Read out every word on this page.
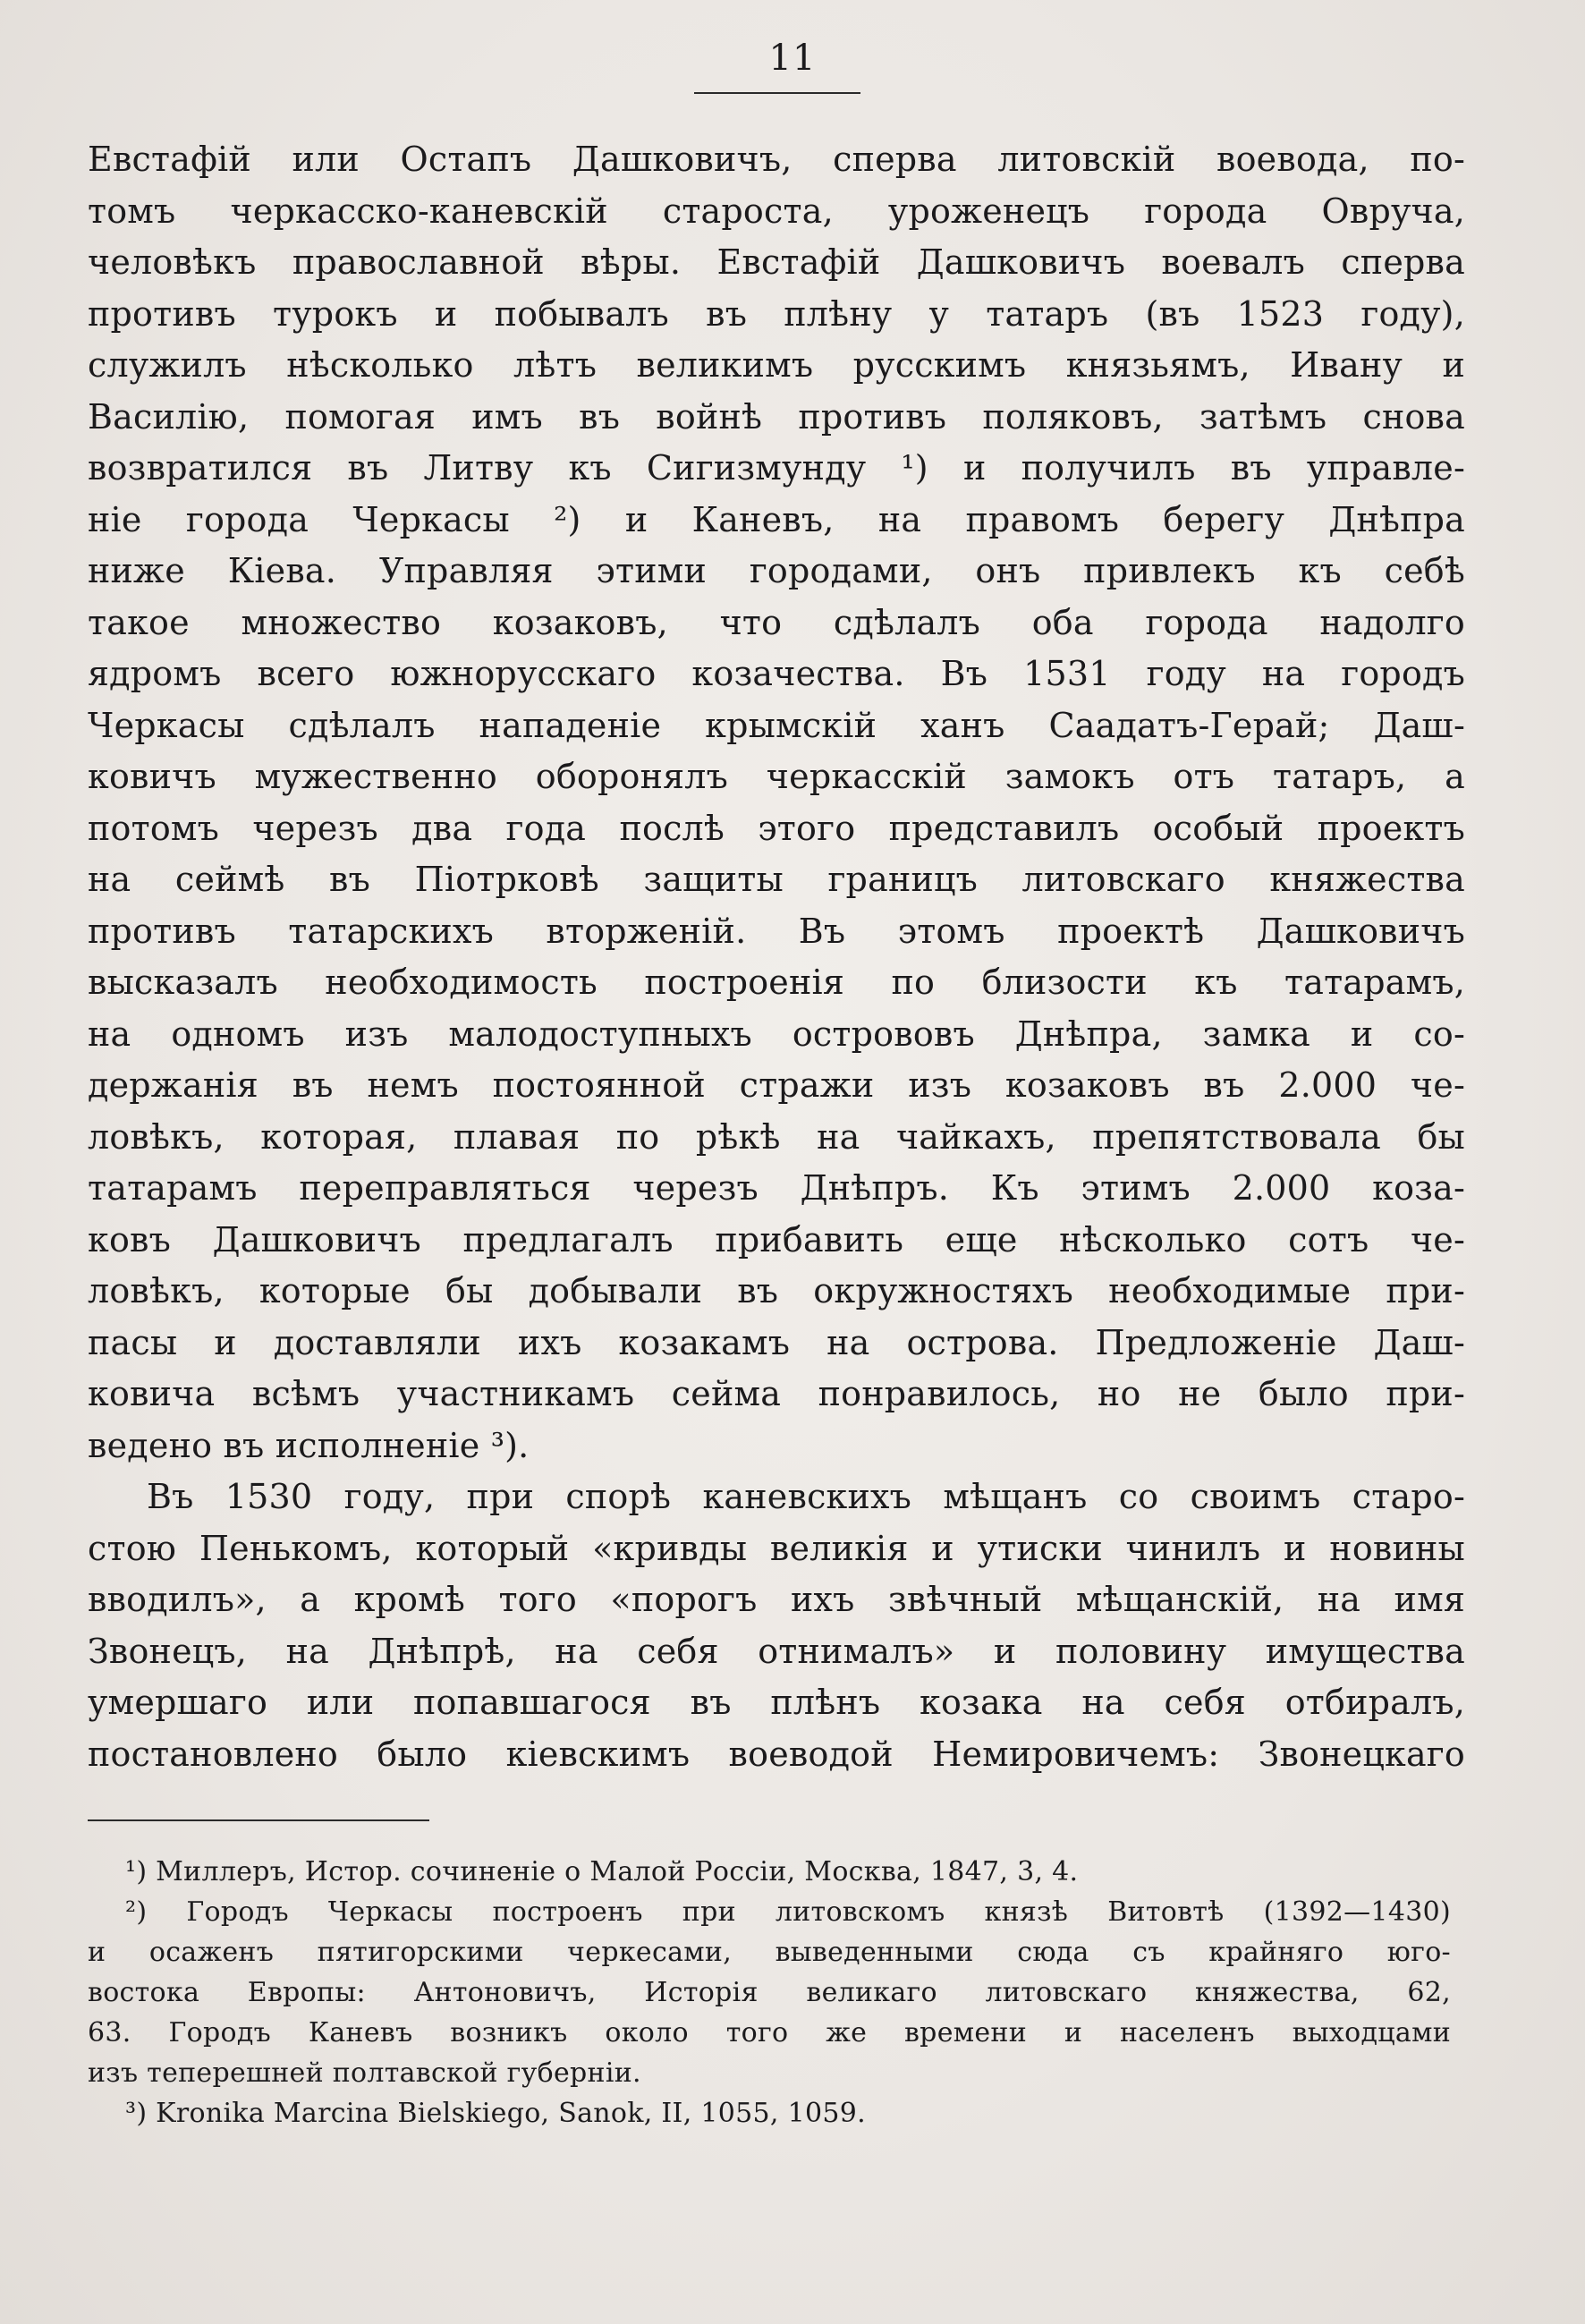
11
Евстафій или Остапъ Дашковичъ, сперва литовскій воевода, по-
томъ черкасско-каневскій староста, уроженецъ города Овруча,
человѣкъ православной вѣры. Евстафій Дашковичъ воевалъ сперва
противъ турокъ и побывалъ въ плѣну у татаръ (въ 1523 году),
служилъ нѣсколько лѣтъ великимъ русскимъ князьямъ, Ивану и
Василію, помогая имъ въ войнѣ противъ поляковъ, затѣмъ снова
возвратился въ Литву къ Сигизмунду ¹) и получилъ въ управле-
ніе города Черкасы ²) и Каневъ, на правомъ берегу Днѣпра
ниже Кіева. Управляя этими городами, онъ привлекъ къ себѣ
такое множество козаковъ, что сдѣлалъ оба города надолго
ядромъ всего южнорусскаго козачества. Въ 1531 году на городъ
Черкасы сдѣлалъ нападеніе крымскій ханъ Саадатъ-Герай; Даш-
ковичъ мужественно оборонялъ черкасскій замокъ отъ татаръ, а
потомъ черезъ два года послѣ этого представилъ особый проектъ
на сеймѣ въ Піотрковѣ защиты границъ литовскаго княжества
противъ татарскихъ вторженій. Въ этомъ проектѣ Дашковичъ
высказалъ необходимость построенія по близости къ татарамъ,
на одномъ изъ малодоступныхъ острововъ Днѣпра, замка и со-
держанія въ немъ постоянной стражи изъ козаковъ въ 2.000 че-
ловѣкъ, которая, плавая по рѣкѣ на чайкахъ, препятствовала бы
татарамъ переправляться черезъ Днѣпръ. Къ этимъ 2.000 коза-
ковъ Дашковичъ предлагалъ прибавить еще нѣсколько сотъ че-
ловѣкъ, которые бы добывали въ окружностяхъ необходимые при-
пасы и доставляли ихъ козакамъ на острова. Предложеніе Даш-
ковича всѣмъ участникамъ сейма понравилось, но не было при-
ведено въ исполненіе ³).
Въ 1530 году, при спорѣ каневскихъ мѣщанъ со своимъ старо-
стою Пенькомъ, который «кривды великія и утиски чинилъ и новины
вводилъ», а кромѣ того «порогъ ихъ звѣчный мѣщанскій, на имя
Звонецъ, на Днѣпрѣ, на себя отнималъ» и половину имущества
умершаго или попавшагося въ плѣнъ козака на себя отбиралъ,
постановлено было кіевскимъ воеводой Немировичемъ: Звонецкаго
¹) Миллеръ, Истор. сочиненіе о Малой Россіи, Москва, 1847, 3, 4.
²) Городъ Черкасы построенъ при литовскомъ князѣ Витовтѣ (1392—1430)
и осаженъ пятигорскими черкесами, выведенными сюда съ крайняго юго-
востока Европы: Антоновичъ, Исторія великаго литовскаго княжества, 62,
63. Городъ Каневъ возникъ около того же времени и населенъ выходцами
изъ теперешней полтавской губерніи.
³) Kronika Marcina Bielskiego, Sanok, II, 1055, 1059.
